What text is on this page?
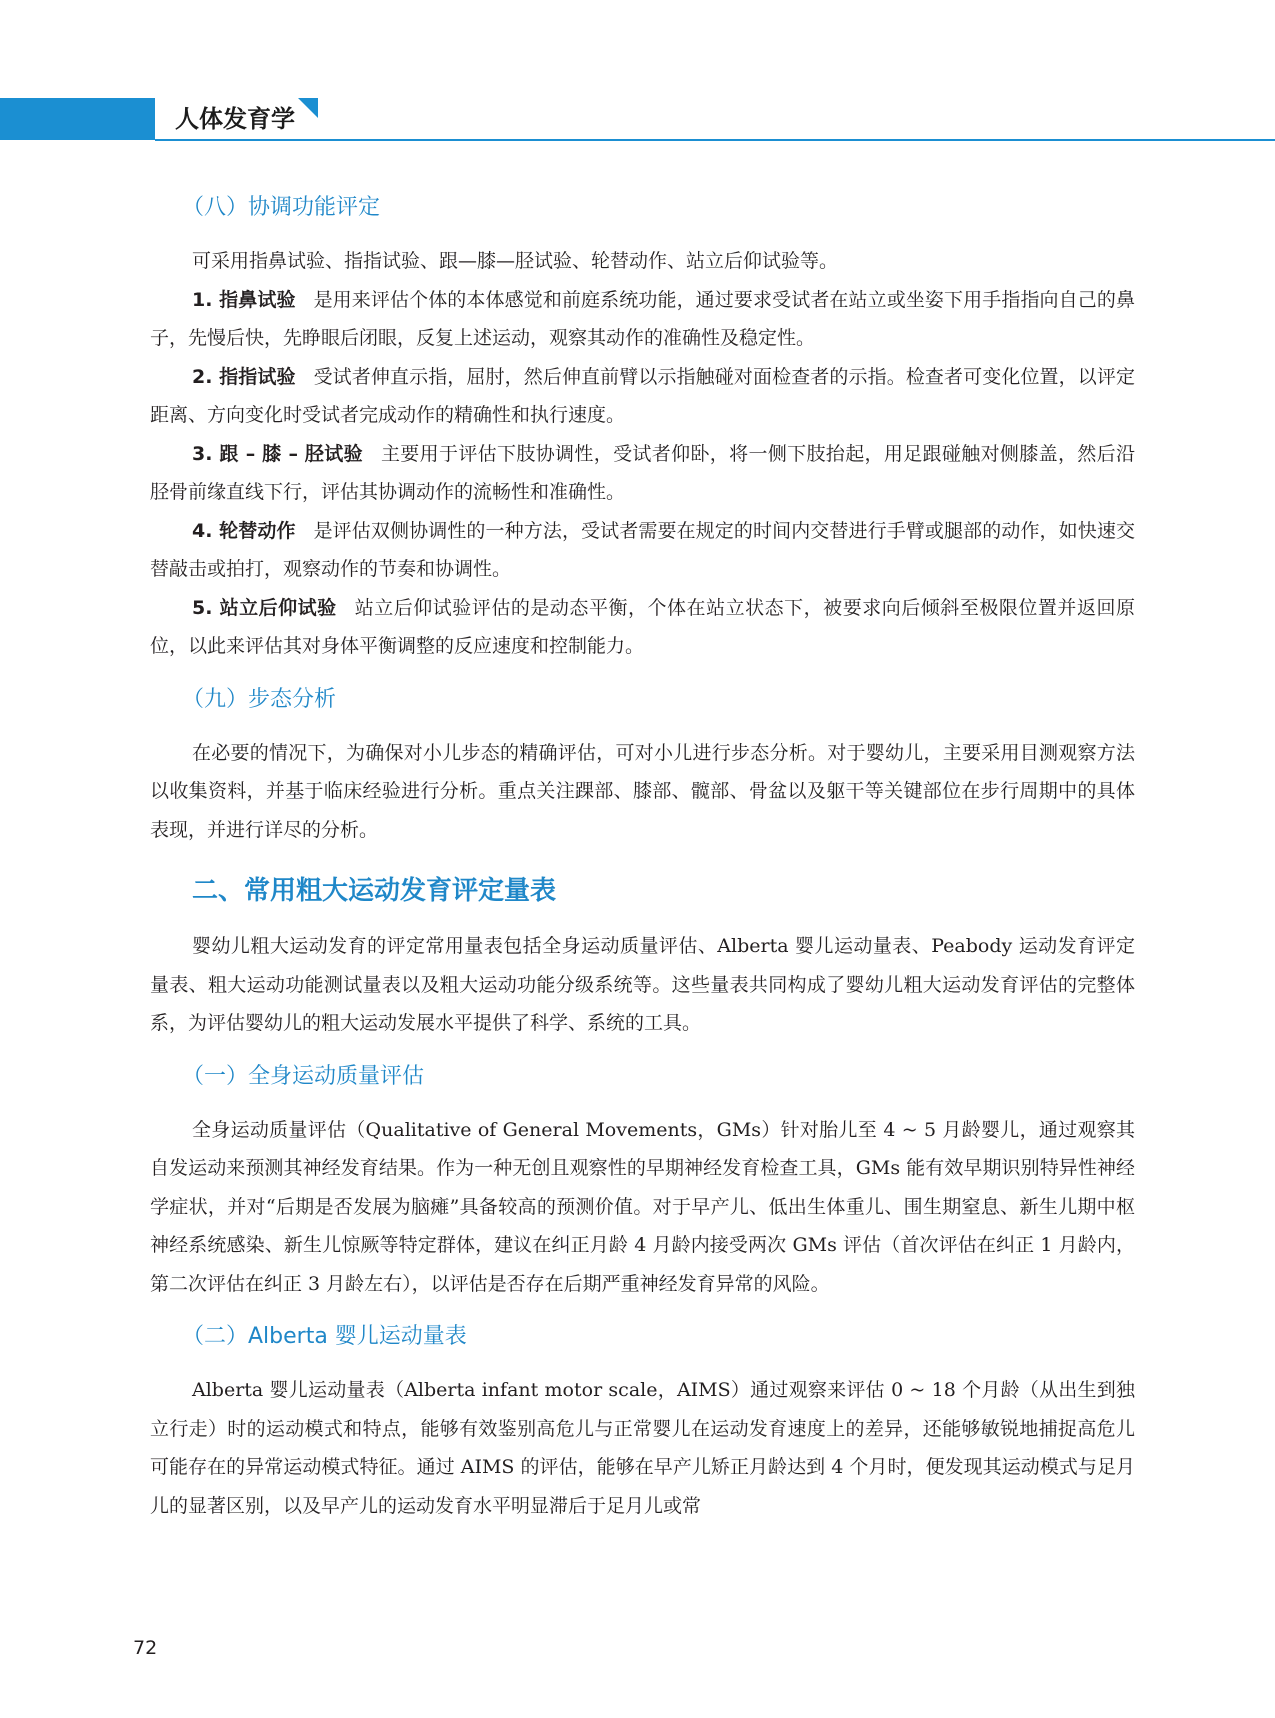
人体发育学
（八）协调功能评定

可采用指鼻试验、指指试验、跟—膝—胫试验、轮替动作、站立后仰试验等。

1. 指鼻试验 是用来评估个体的本体感觉和前庭系统功能，通过要求受试者在站立或坐姿下用手指指向自己的鼻子，先慢后快，先睁眼后闭眼，反复上述运动，观察其动作的准确性及稳定性。

2. 指指试验 受试者伸直示指，屈肘，然后伸直前臂以示指触碰对面检查者的示指。检查者可变化位置，以评定距离、方向变化时受试者完成动作的精确性和执行速度。

3. 跟 – 膝 – 胫试验 主要用于评估下肢协调性，受试者仰卧，将一侧下肢抬起，用足跟碰触对侧膝盖，然后沿胫骨前缘直线下行，评估其协调动作的流畅性和准确性。

4. 轮替动作 是评估双侧协调性的一种方法，受试者需要在规定的时间内交替进行手臂或腿部的动作，如快速交替敲击或拍打，观察动作的节奏和协调性。

5. 站立后仰试验 站立后仰试验评估的是动态平衡，个体在站立状态下，被要求向后倾斜至极限位置并返回原位，以此来评估其对身体平衡调整的反应速度和控制能力。

（九）步态分析

在必要的情况下，为确保对小儿步态的精确评估，可对小儿进行步态分析。对于婴幼儿，主要采用目测观察方法以收集资料，并基于临床经验进行分析。重点关注踝部、膝部、髋部、骨盆以及躯干等关键部位在步行周期中的具体表现，并进行详尽的分析。

二、常用粗大运动发育评定量表

婴幼儿粗大运动发育的评定常用量表包括全身运动质量评估、Alberta 婴儿运动量表、Peabody 运动发育评定量表、粗大运动功能测试量表以及粗大运动功能分级系统等。这些量表共同构成了婴幼儿粗大运动发育评估的完整体系，为评估婴幼儿的粗大运动发展水平提供了科学、系统的工具。

（一）全身运动质量评估

全身运动质量评估（Qualitative of General Movements，GMs）针对胎儿至 4 ~ 5 月龄婴儿，通过观察其自发运动来预测其神经发育结果。作为一种无创且观察性的早期神经发育检查工具，GMs 能有效早期识别特异性神经学症状，并对“后期是否发展为脑瘫”具备较高的预测价值。对于早产儿、低出生体重儿、围生期窒息、新生儿期中枢神经系统感染、新生儿惊厥等特定群体，建议在纠正月龄 4 月龄内接受两次 GMs 评估（首次评估在纠正 1 月龄内，第二次评估在纠正 3 月龄左右），以评估是否存在后期严重神经发育异常的风险。

（二）Alberta 婴儿运动量表

Alberta 婴儿运动量表（Alberta infant motor scale，AIMS）通过观察来评估 0 ~ 18 个月龄（从出生到独立行走）时的运动模式和特点，能够有效鉴别高危儿与正常婴儿在运动发育速度上的差异，还能够敏锐地捕捉高危儿可能存在的异常运动模式特征。通过 AIMS 的评估，能够在早产儿矫正月龄达到 4 个月时，便发现其运动模式与足月儿的显著区别，以及早产儿的运动发育水平明显滞后于足月儿或常

72
